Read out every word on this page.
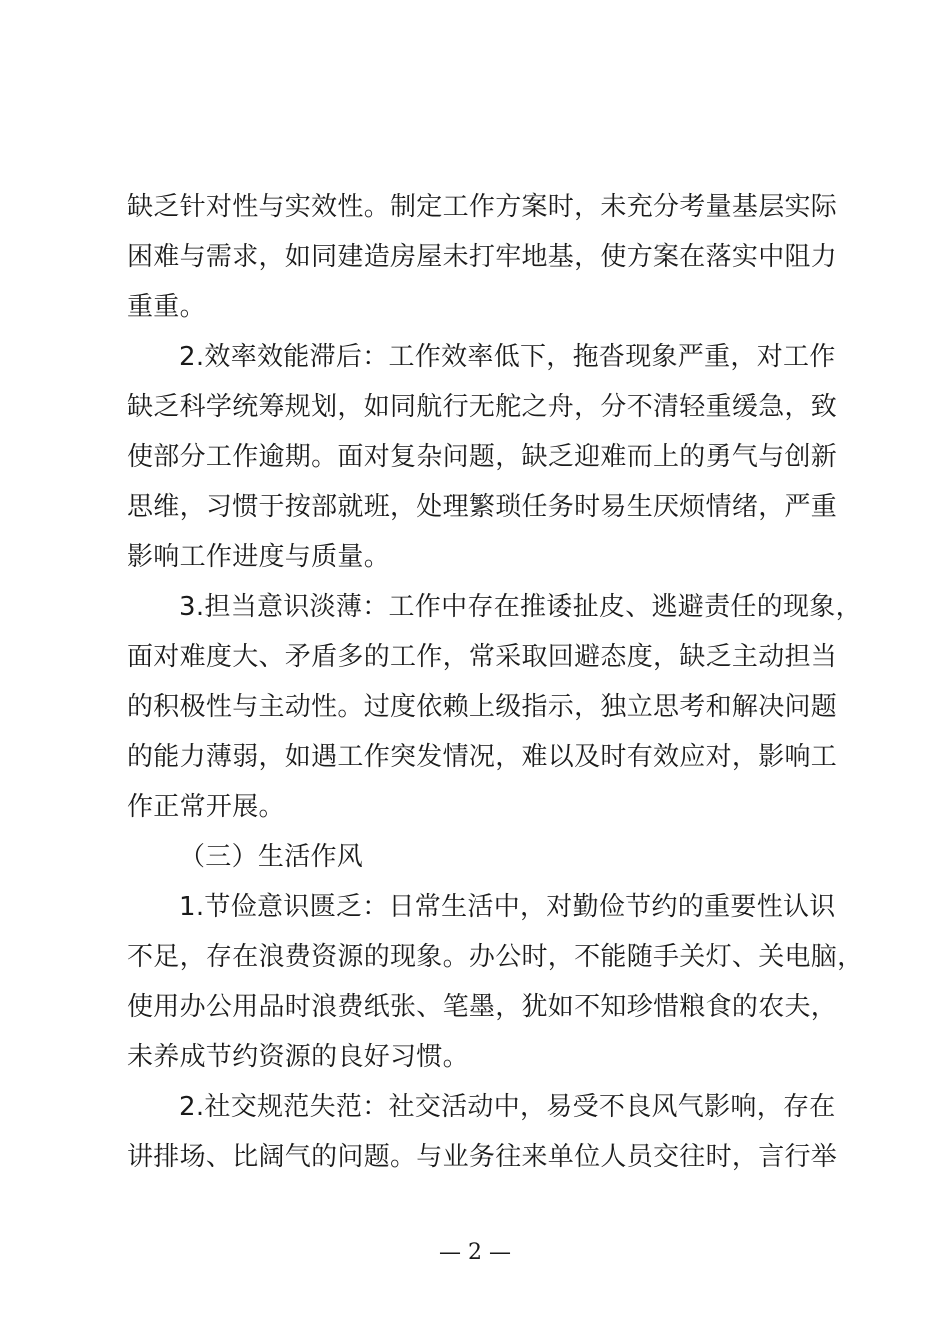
缺乏针对性与实效性。制定工作方案时，未充分考量基层实际
困难与需求，如同建造房屋未打牢地基，使方案在落实中阻力
重重。
2.效率效能滞后：工作效率低下，拖沓现象严重，对工作
缺乏科学统筹规划，如同航行无舵之舟，分不清轻重缓急，致
使部分工作逾期。面对复杂问题，缺乏迎难而上的勇气与创新
思维，习惯于按部就班，处理繁琐任务时易生厌烦情绪，严重
影响工作进度与质量。
3.担当意识淡薄：工作中存在推诿扯皮、逃避责任的现象，
面对难度大、矛盾多的工作，常采取回避态度，缺乏主动担当
的积极性与主动性。过度依赖上级指示，独立思考和解决问题
的能力薄弱，如遇工作突发情况，难以及时有效应对，影响工
作正常开展。
（三）生活作风
1.节俭意识匮乏：日常生活中，对勤俭节约的重要性认识
不足，存在浪费资源的现象。办公时，不能随手关灯、关电脑，
使用办公用品时浪费纸张、笔墨，犹如不知珍惜粮食的农夫，
未养成节约资源的良好习惯。
2.社交规范失范：社交活动中，易受不良风气影响，存在
讲排场、比阔气的问题。与业务往来单位人员交往时，言行举
— 2 —
